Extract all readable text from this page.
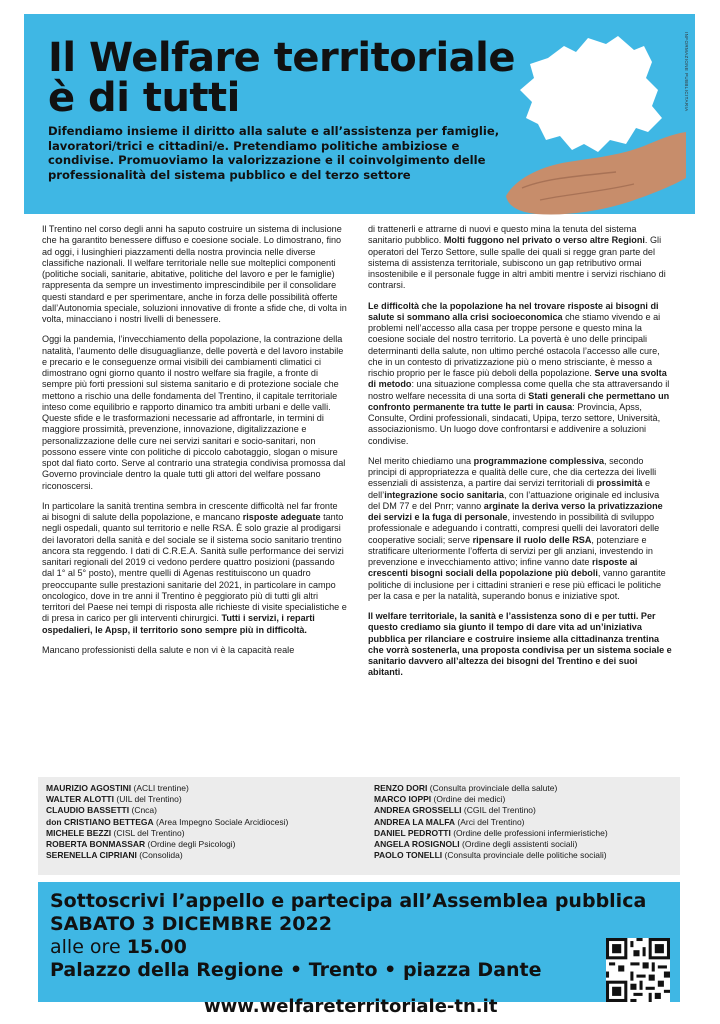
Il Welfare territoriale
è di tutti

Difendiamo insieme il diritto alla salute e all’assistenza per famiglie, lavoratori/trici e cittadini/e. Pretendiamo politiche ambiziose e condivise. Promuoviamo la valorizzazione e il coinvolgimento delle professionalità del sistema pubblico e del terzo settore

INFORMAZIONE PUBBLICITARIA

Il Trentino nel corso degli anni ha saputo costruire un sistema di inclusione che ha garantito benessere diffuso e coesione sociale. Lo dimostrano, fino ad oggi, i lusinghieri piazzamenti della nostra provincia nelle diverse classifiche nazionali. Il welfare territoriale nelle sue molteplici componenti (politiche sociali, sanitarie, abitative, politiche del lavoro e per le famiglie) rappresenta da sempre un investimento imprescindibile per il consolidare questi standard e per sperimentare, anche in forza delle possibilità offerte dall’Autonomia speciale, soluzioni innovative di fronte a sfide che, di volta in volta, minacciano i nostri livelli di benessere.

Oggi la pandemia, l’invecchiamento della popolazione, la contrazione della natalità, l’aumento delle disuguaglianze, delle povertà e del lavoro instabile e precario e le conseguenze ormai visibili dei cambiamenti climatici ci dimostrano ogni giorno quanto il nostro welfare sia fragile, a fronte di sempre più forti pressioni sul sistema sanitario e di protezione sociale che mettono a rischio una delle fondamenta del Trentino, il capitale territoriale inteso come equilibrio e rapporto dinamico tra ambiti urbani e delle valli. Queste sfide e le trasformazioni necessarie ad affrontarle, in termini di maggiore prossimità, prevenzione, innovazione, digitalizzazione e personalizzazione delle cure nei servizi sanitari e socio-sanitari, non possono essere vinte con politiche di piccolo cabotaggio, slogan o misure spot dal fiato corto. Serve al contrario una strategia condivisa promossa dal Governo provinciale dentro la quale tutti gli attori del welfare possano riconoscersi.

In particolare la sanità trentina sembra in crescente difficoltà nel far fronte ai bisogni di salute della popolazione, e mancano risposte adeguate tanto negli ospedali, quanto sul territorio e nelle RSA. È solo grazie al prodigarsi dei lavoratori della sanità e del sociale se il sistema socio sanitario trentino ancora sta reggendo. I dati di C.R.E.A. Sanità sulle performance dei servizi sanitari regionali del 2019 ci vedono perdere quattro posizioni (passando dal 1° al 5° posto), mentre quelli di Agenas restituiscono un quadro preoccupante sulle prestazioni sanitarie del 2021, in particolare in campo oncologico, dove in tre anni il Trentino è peggiorato più di tutti gli altri territori del Paese nei tempi di risposta alle richieste di visite specialistiche e di presa in carico per gli interventi chirurgici. Tutti i servizi, i reparti ospedalieri, le Apsp, il territorio sono sempre più in difficoltà.

Mancano professionisti della salute e non vi è la capacità reale

di trattenerli e attrarne di nuovi e questo mina la tenuta del sistema sanitario pubblico. Molti fuggono nel privato o verso altre Regioni. Gli operatori del Terzo Settore, sulle spalle dei quali si regge gran parte del sistema di assistenza territoriale, subiscono un gap retributivo ormai insostenibile e il personale fugge in altri ambiti mentre i servizi rischiano di contrarsi.

Le difficoltà che la popolazione ha nel trovare risposte ai bisogni di salute si sommano alla crisi socioeconomica che stiamo vivendo e ai problemi nell’accesso alla casa per troppe persone e questo mina la coesione sociale del nostro territorio. La povertà è uno delle principali determinanti della salute, non ultimo perché ostacola l’accesso alle cure, che in un contesto di privatizzazione più o meno strisciante, è messo a rischio proprio per le fasce più deboli della popolazione. Serve una svolta di metodo: una situazione complessa come quella che sta attraversando il nostro welfare necessita di una sorta di Stati generali che permettano un confronto permanente tra tutte le parti in causa: Provincia, Apss, Consulte, Ordini professionali, sindacati, Upipa, terzo settore, Università, associazionismo. Un luogo dove confrontarsi e addivenire a soluzioni condivise.

Nel merito chiediamo una programmazione complessiva, secondo principi di appropriatezza e qualità delle cure, che dia certezza dei livelli essenziali di assistenza, a partire dai servizi territoriali di prossimità e dell’integrazione socio sanitaria, con l’attuazione originale ed inclusiva del DM 77 e del Pnrr; vanno arginate la deriva verso la privatizzazione dei servizi e la fuga di personale, investendo in possibilità di sviluppo professionale e adeguando i contratti, compresi quelli dei lavoratori delle cooperative sociali; serve ripensare il ruolo delle RSA, potenziare e stratificare ulteriormente l’offerta di servizi per gli anziani, investendo in prevenzione e invecchiamento attivo; infine vanno date risposte ai crescenti bisogni sociali della popolazione più deboli, vanno garantite politiche di inclusione per i cittadini stranieri e rese più efficaci le politiche per la casa e per la natalità, superando bonus e iniziative spot.

Il welfare territoriale, la sanità e l’assistenza sono di e per tutti. Per questo crediamo sia giunto il tempo di dare vita ad un’iniziativa pubblica per rilanciare e costruire insieme alla cittadinanza trentina che vorrà sostenerla, una proposta condivisa per un sistema sociale e sanitario davvero all’altezza dei bisogni del Trentino e dei suoi abitanti.

MAURIZIO AGOSTINI (ACLI trentine)
WALTER ALOTTI (UIL del Trentino)
CLAUDIO BASSETTI (Cnca)
don CRISTIANO BETTEGA (Area Impegno Sociale Arcidiocesi)
MICHELE BEZZI (CISL del Trentino)
ROBERTA BONMASSAR (Ordine degli Psicologi)
SERENELLA CIPRIANI (Consolida)
RENZO DORI (Consulta provinciale della salute)
MARCO IOPPI (Ordine dei medici)
ANDREA GROSSELLI (CGIL del Trentino)
ANDREA LA MALFA (Arci del Trentino)
DANIEL PEDROTTI (Ordine delle professioni infermieristiche)
ANGELA ROSIGNOLI (Ordine degli assistenti sociali)
PAOLO TONELLI (Consulta provinciale delle politiche sociali)

Sottoscrivi l’appello e partecipa all’Assemblea pubblica

SABATO 3 DICEMBRE 2022

alle ore 15.00

Palazzo della Regione • Trento • piazza Dante

www.welfareterritoriale-tn.it
